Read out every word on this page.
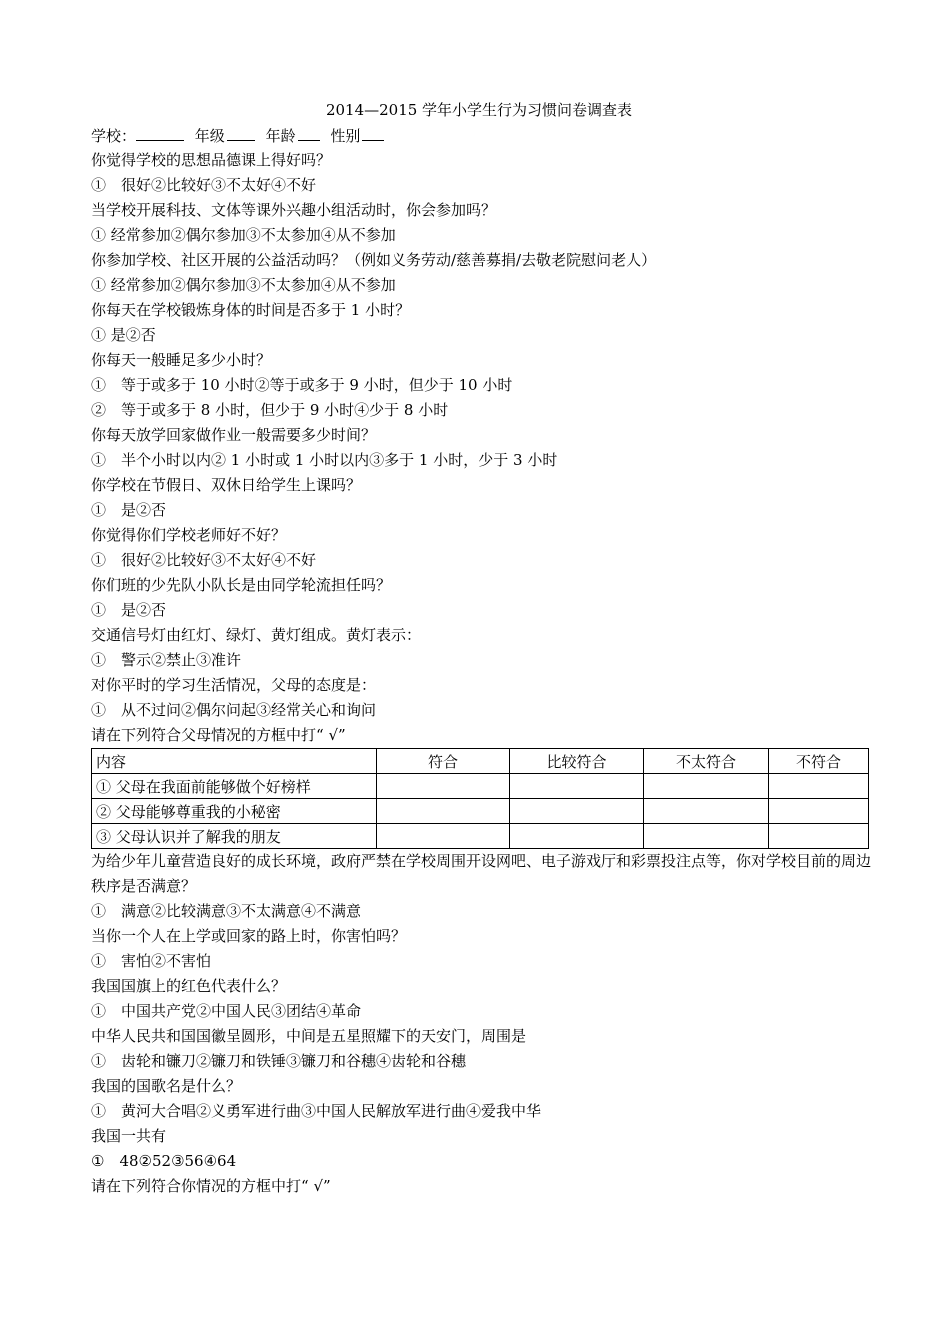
2014—2015 学年小学生行为习惯问卷调查表
学校：	年级	年龄 性别
你觉得学校的思想品德课上得好吗？
①　很好②比较好③不太好④不好
当学校开展科技、文体等课外兴趣小组活动时，你会参加吗？
① 经常参加②偶尔参加③不太参加④从不参加
你参加学校、社区开展的公益活动吗？（例如义务劳动/慈善募捐/去敬老院慰问老人）
① 经常参加②偶尔参加③不太参加④从不参加
你每天在学校锻炼身体的时间是否多于 1 小时？
① 是②否
你每天一般睡足多少小时？
①　等于或多于 10 小时②等于或多于 9 小时，但少于 10 小时
②　等于或多于 8 小时，但少于 9 小时④少于 8 小时
你每天放学回家做作业一般需要多少时间？
①　半个小时以内② 1 小时或 1 小时以内③多于 1 小时，少于 3 小时
你学校在节假日、双休日给学生上课吗？
①　是②否
你觉得你们学校老师好不好？
①　很好②比较好③不太好④不好
你们班的少先队小队长是由同学轮流担任吗？
①　是②否
交通信号灯由红灯、绿灯、黄灯组成。黄灯表示：
①　警示②禁止③准许
对你平时的学习生活情况，父母的态度是：
①　从不过问②偶尔问起③经常关心和询问
请在下列符合父母情况的方框中打“ √”
内容	符合	比较符合	不太符合	不符合
① 父母在我面前能够做个好榜样				
② 父母能够尊重我的小秘密				
③ 父母认识并了解我的朋友				
为给少年儿童营造良好的成长环境，政府严禁在学校周围开设网吧、电子游戏厅和彩票投注点等，你对学校目前的周边秩序是否满意？
①　满意②比较满意③不太满意④不满意
当你一个人在上学或回家的路上时，你害怕吗？
①　害怕②不害怕
我国国旗上的红色代表什么？
①　中国共产党②中国人民③团结④革命
中华人民共和国国徽呈圆形，中间是五星照耀下的天安门，周围是
①　齿轮和镰刀②镰刀和铁锤③镰刀和谷穗④齿轮和谷穗
我国的国歌名是什么？
①　黄河大合唱②义勇军进行曲③中国人民解放军进行曲④爱我中华
我国一共有
①　48②52③56④64
请在下列符合你情况的方框中打“ √”
